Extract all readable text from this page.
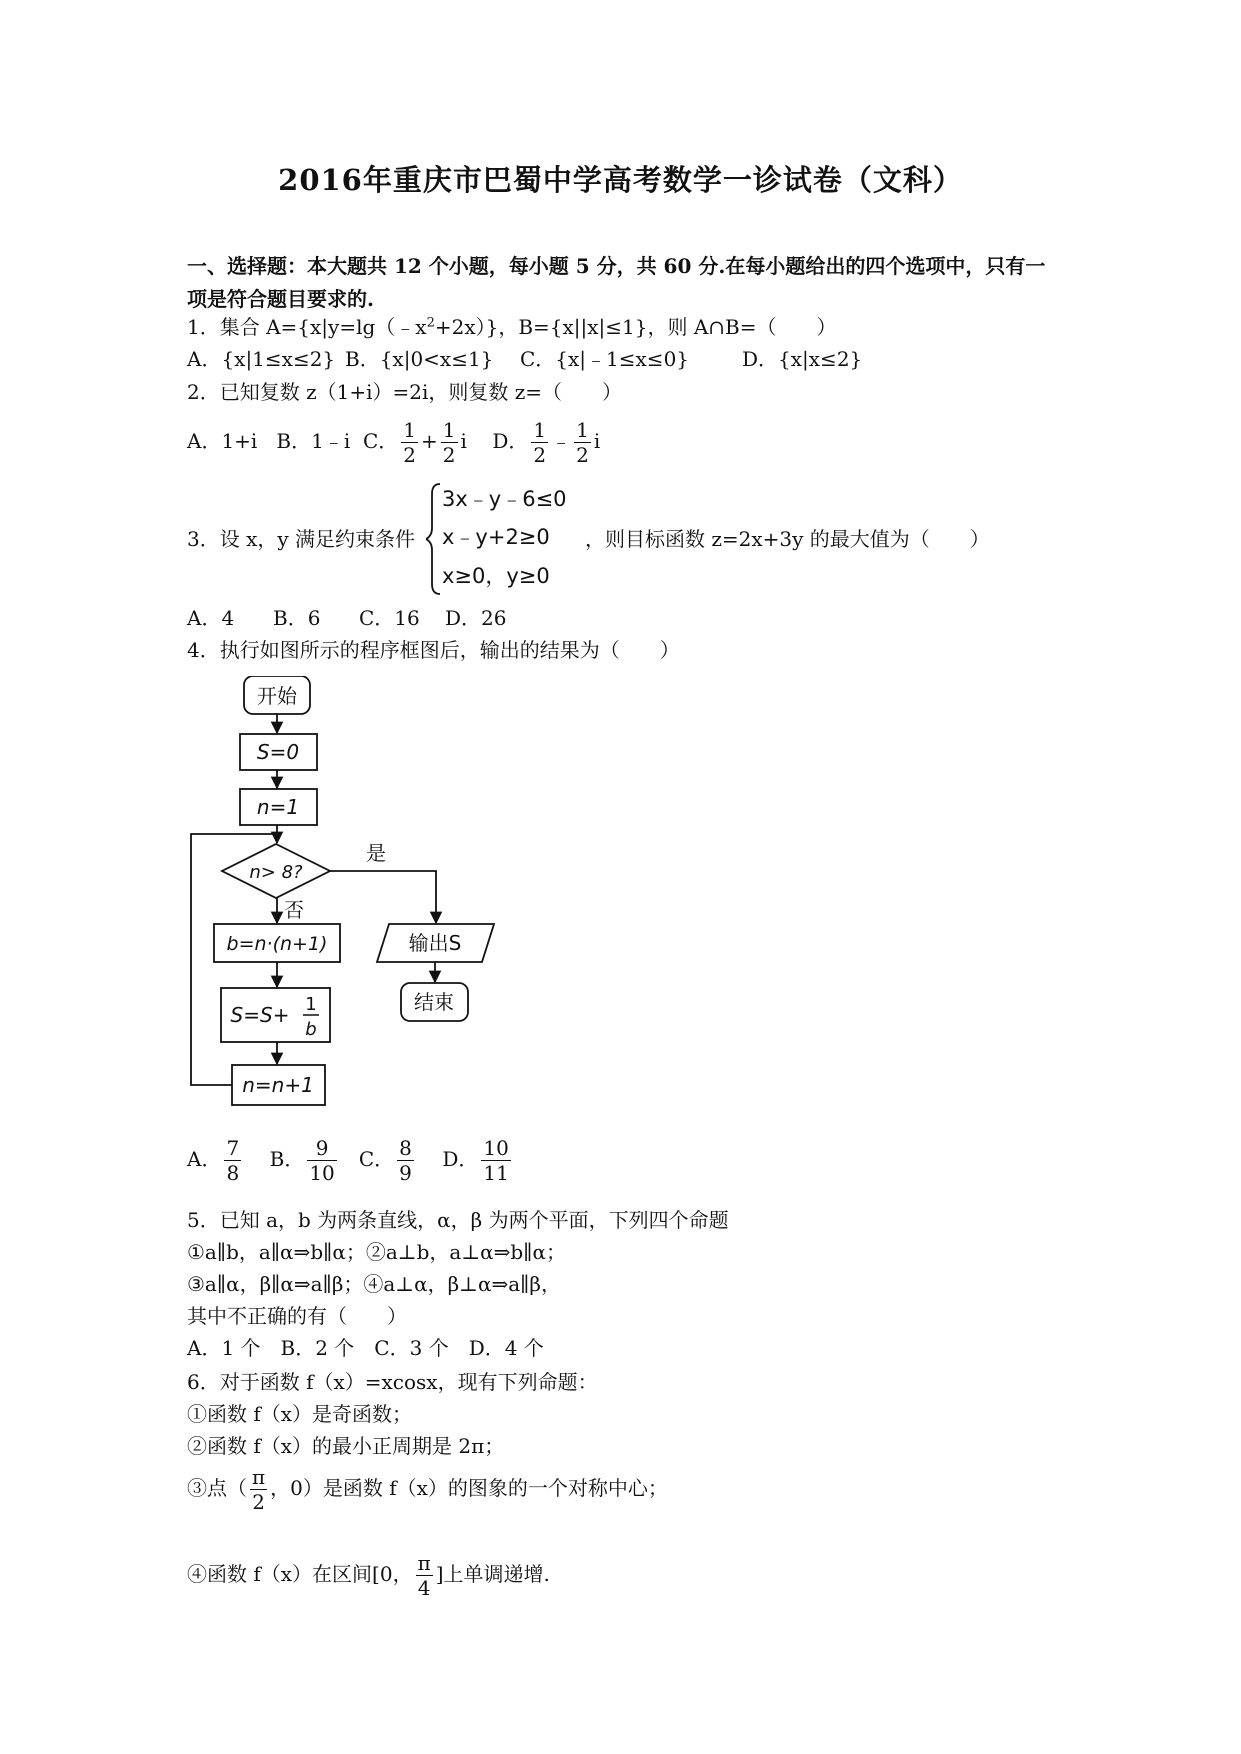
2016年重庆市巴蜀中学高考数学一诊试卷（文科）
一、选择题：本大题共 12 个小题，每小题 5 分，共 60 分.在每小题给出的四个选项中，只有一项是符合题目要求的.
1．集合 $A=\{x|y=\lg(﹣x^2+2x)\}$，B={x||x|≤1}，则 A∩B=（　　）
A．{x|1≤x≤2} B．{x|0<x≤1} C．{x|﹣1≤x≤0}	D．{x|x≤2}
2．已知复数 z（1+i）=2i，则复数 z=（　　）
A．1+i B．1﹣i C． $\frac{1}{2} + \frac{1}{2}$ i D． $\frac{1}{2}$ ﹣ $\frac{1}{2}$ i
3．设 x，y 满足约束条件
3x﹣y﹣6≤0
x﹣y+2≥0
x≥0，y≥0
，则目标函数 z=2x+3y 的最大值为（　　）
A．4 B．6 C．16 D．26
4．执行如图所示的程序框图后，输出的结果为（　　）
开始
S=0
n=1
n> 8?
是
否
b=n·(n+1)
S=S+ 1
b
n=n+1
输出S
结束
A． $\frac{7}{8}$ B． $\frac{9}{10}$ C． $\frac{8}{9}$ D． $\frac{10}{11}$
5．已知 a，b 为两条直线，α，β 为两个平面，下列四个命题
①a∥b，a∥α⇒b∥α；②a⊥b，a⊥α⇒b∥α；
③a∥α，β∥α⇒a∥β；④a⊥α，β⊥α⇒a∥β，
其中不正确的有（　　）
A．1 个　B．2 个　C．3 个　D．4 个
6．对于函数 f（x）=xcosx，现有下列命题：
①函数 f（x）是奇函数；
②函数 f（x）的最小正周期是 2π；
③点（ $\frac{\pi}{2}$ ，0）是函数 f（x）的图象的一个对称中心；
④函数 f（x）在区间[0， $\frac{\pi}{4}$ ]上单调递增.
